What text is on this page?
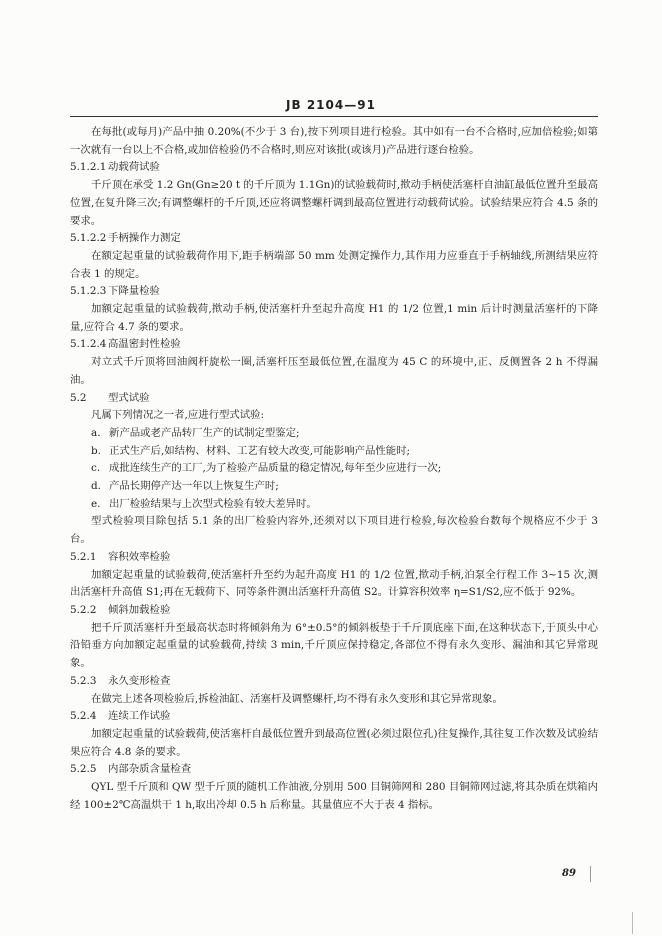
JB 2104—91

在每批(或每月)产品中抽 0.20%(不少于 3 台),按下列项目进行检验。其中如有一台不合格时,应加倍检验;如第一次就有一台以上不合格,或加倍检验仍不合格时,则应对该批(或该月)产品进行逐台检验。

5.1.2.1 动载荷试验

千斤顶在承受 1.2 Gn(Gn≥20 t 的千斤顶为 1.1Gn)的试验载荷时,揿动手柄使活塞杆自油缸最低位置升至最高位置,在复升降三次;有调整螺杆的千斤顶,还应将调整螺杆调到最高位置进行动载荷试验。试验结果应符合 4.5 条的要求。

5.1.2.2 手柄操作力测定

在额定起重量的试验载荷作用下,距手柄端部 50 mm 处测定操作力,其作用力应垂直于手柄轴线,所测结果应符合表 1 的规定。

5.1.2.3 下降量检验

加额定起重量的试验载荷,揿动手柄,使活塞杆升至起升高度 H1 的 1/2 位置,1 min 后计时测量活塞杆的下降量,应符合 4.7 条的要求。

5.1.2.4 高温密封性检验

对立式千斤顶将回油阀杆旋松一圈,活塞杆压至最低位置,在温度为 45 C 的环境中,正、反侧置各 2 h 不得漏油。

5.2 型式试验

凡属下列情况之一者,应进行型式试验:

a. 新产品或老产品转厂生产的试制定型鉴定;

b. 正式生产后,如结构、材料、工艺有较大改变,可能影响产品性能时;

c. 成批连续生产的工厂,为了检验产品质量的稳定情况,每年至少应进行一次;

d. 产品长期停产达一年以上恢复生产时;

e. 出厂检验结果与上次型式检验有较大差异时。

型式检验项目除包括 5.1 条的出厂检验内容外,还须对以下项目进行检验,每次检验台数每个规格应不少于 3 台。

5.2.1 容积效率检验

加额定起重量的试验载荷,使活塞杆升至约为起升高度 H1 的 1/2 位置,揿动手柄,泊泵全行程工作 3~15 次,测出活塞杆升高值 S1;再在无载荷下、同等条件测出活塞杆升高值 S2。计算容积效率 η=S1/S2,应不低于 92%。

5.2.2 倾斜加载检验

把千斤顶活塞杆升至最高状态时将倾斜角为 6°±0.5°的倾斜板垫于千斤顶底座下面,在这种状态下,于顶头中心沿铅垂方向加额定起重量的试验载荷,持续 3 min,千斤顶应保持稳定,各部位不得有永久变形、漏油和其它异常现象。

5.2.3 永久变形检查

在做完上述各项检验后,拆检油缸、活塞杆及调整螺杆,均不得有永久变形和其它异常现象。

5.2.4 连续工作试验

加额定起重量的试验载荷,使活塞杆自最低位置升到最高位置(必须过限位孔)往复操作,其往复工作次数及试验结果应符合 4.8 条的要求。

5.2.5 内部杂质含量检查

QYL 型千斤顶和 QW 型千斤顶的随机工作油液,分别用 500 目铜筛网和 280 目铜筛网过滤,将其杂质在烘箱内经 100±2℃高温烘干 1 h,取出冷却 0.5 h 后称量。其量值应不大于表 4 指标。

89
